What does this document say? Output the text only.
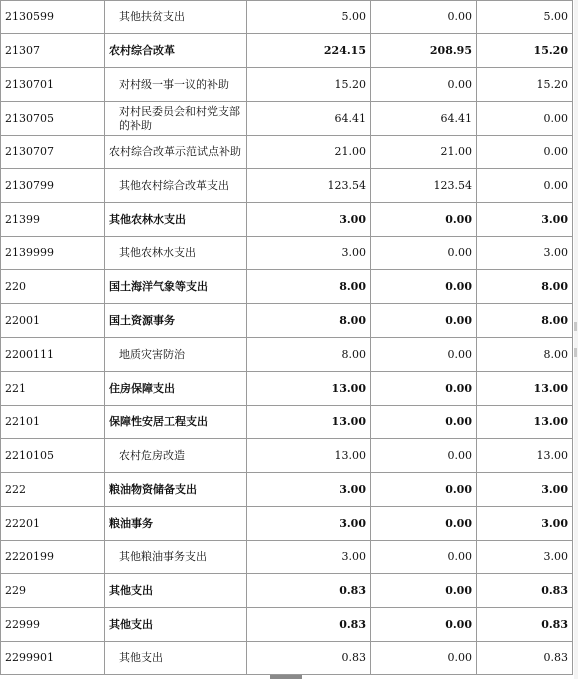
2130599	其他扶贫支出	5.00	0.00	5.00
21307	农村综合改革	224.15	208.95	15.20
2130701	对村级一事一议的补助	15.20	0.00	15.20
2130705	对村民委员会和村党支部的补助	64.41	64.41	0.00
2130707	农村综合改革示范试点补助	21.00	21.00	0.00
2130799	其他农村综合改革支出	123.54	123.54	0.00
21399	其他农林水支出	3.00	0.00	3.00
2139999	其他农林水支出	3.00	0.00	3.00
220	国土海洋气象等支出	8.00	0.00	8.00
22001	国土资源事务	8.00	0.00	8.00
2200111	地质灾害防治	8.00	0.00	8.00
221	住房保障支出	13.00	0.00	13.00
22101	保障性安居工程支出	13.00	0.00	13.00
2210105	农村危房改造	13.00	0.00	13.00
222	粮油物资储备支出	3.00	0.00	3.00
22201	粮油事务	3.00	0.00	3.00
2220199	其他粮油事务支出	3.00	0.00	3.00
229	其他支出	0.83	0.00	0.83
22999	其他支出	0.83	0.00	0.83
2299901	其他支出	0.83	0.00	0.83
